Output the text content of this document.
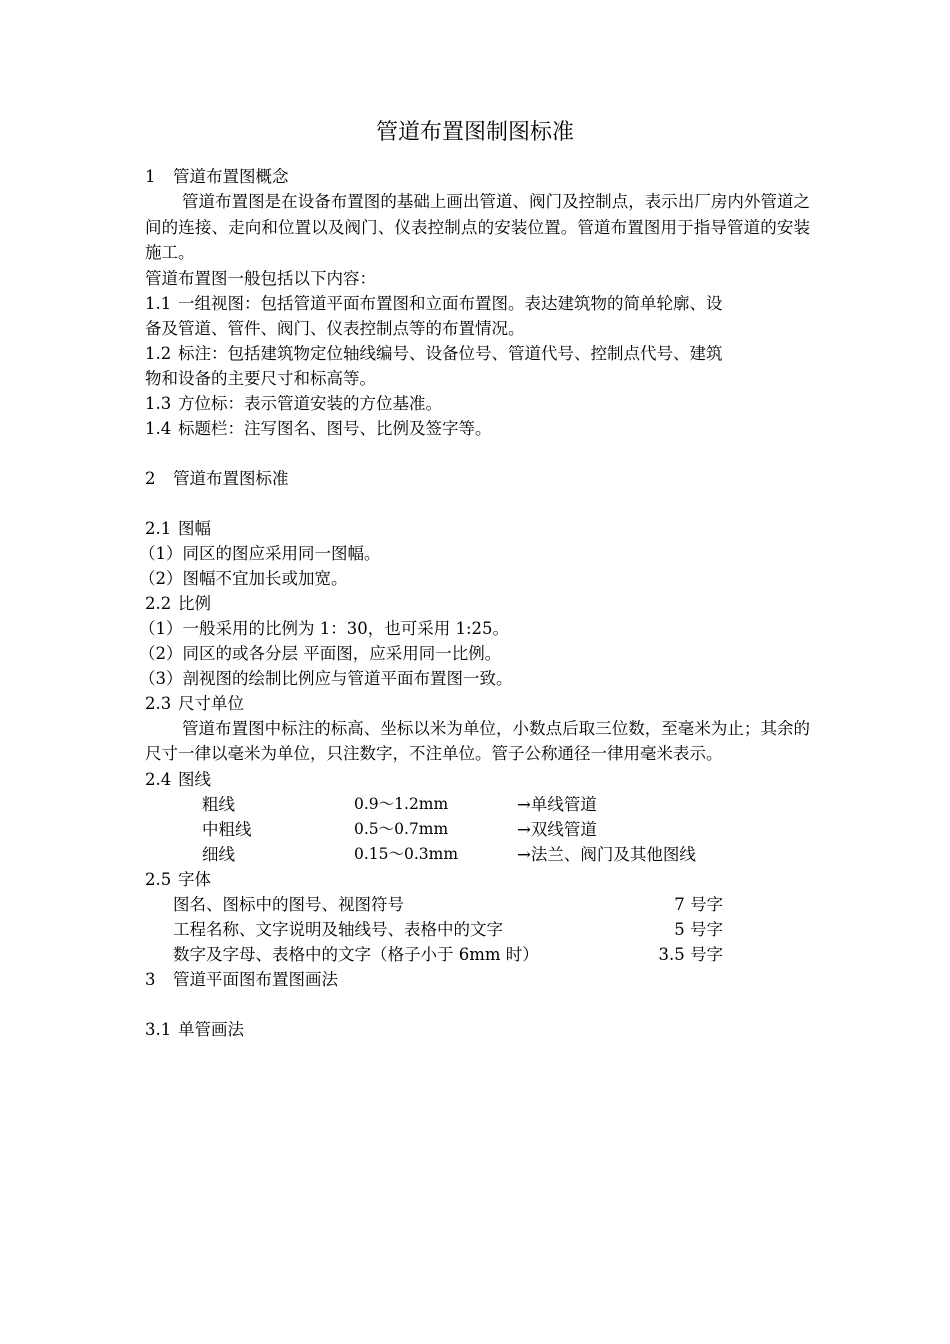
管道布置图制图标准
1 管道布置图概念
管道布置图是在设备布置图的基础上画出管道、阀门及控制点，表示出厂房内外管道之间的连接、走向和位置以及阀门、仪表控制点的安装位置。管道布置图用于指导管道的安装施工。
管道布置图一般包括以下内容：
1.1 一组视图：包括管道平面布置图和立面布置图。表达建筑物的简单轮廓、设
备及管道、管件、阀门、仪表控制点等的布置情况。
1.2 标注：包括建筑物定位轴线编号、设备位号、管道代号、控制点代号、建筑
物和设备的主要尺寸和标高等。
1.3 方位标：表示管道安装的方位基准。
1.4 标题栏：注写图名、图号、比例及签字等。
2 管道布置图标准
2.1 图幅
（1）同区的图应采用同一图幅。
（2）图幅不宜加长或加宽。
2.2 比例
（1）一般采用的比例为 1：30，也可采用 1:25。
（2）同区的或各分层 平面图，应采用同一比例。
（3）剖视图的绘制比例应与管道平面布置图一致。
2.3 尺寸单位
管道布置图中标注的标高、坐标以米为单位，小数点后取三位数，至毫米为止；其余的尺寸一律以毫米为单位，只注数字，不注单位。管子公称通径一律用毫米表示。
2.4 图线
粗线	0.9～1.2mm	→单线管道
中粗线	0.5～0.7mm	→双线管道
细线	0.15～0.3mm	→法兰、阀门及其他图线
2.5 字体
图名、图标中的图号、视图符号	7 号字
工程名称、文字说明及轴线号、表格中的文字	5 号字
数字及字母、表格中的文字（格子小于 6mm 时）	3.5 号字
3 管道平面图布置图画法
3.1 单管画法
